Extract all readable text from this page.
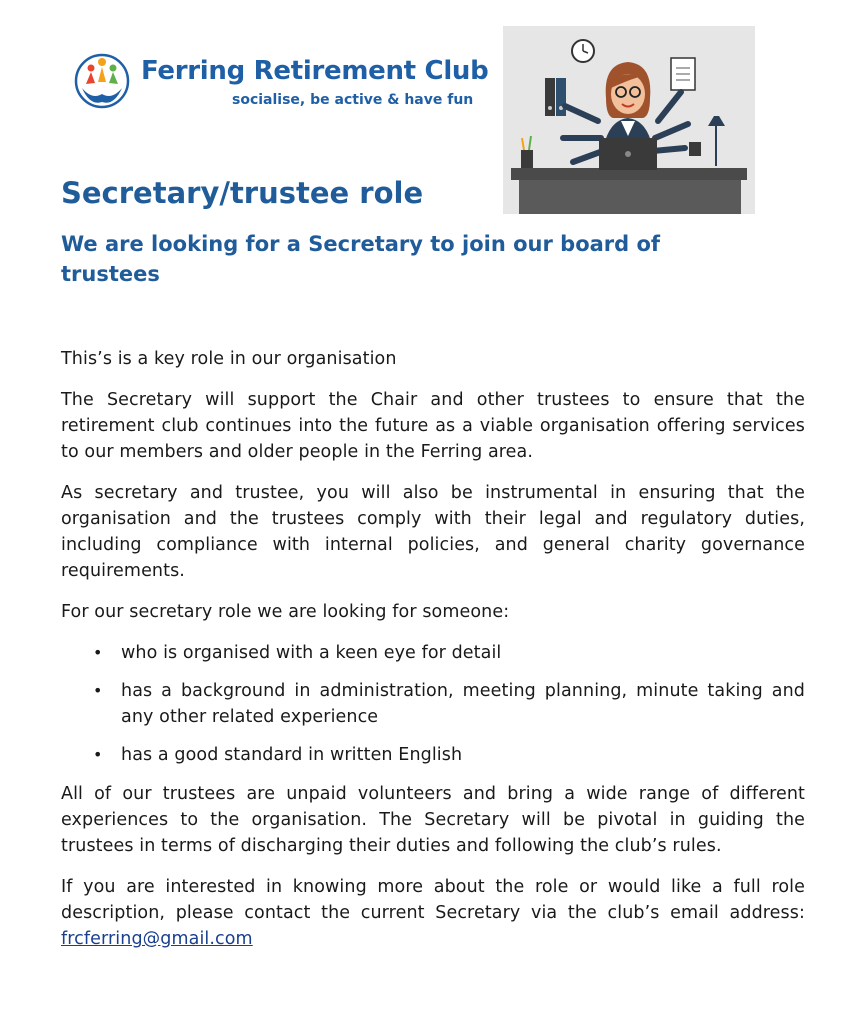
Ferring Retirement Club
socialise, be active & have fun
Secretary/trustee role
We are looking for a Secretary to join our board of trustees

This’s is a key role in our organisation

The Secretary will support the Chair and other trustees to ensure that the retirement club continues into the future as a viable organisation offering services to our members and older people in the Ferring area.

As secretary and trustee, you will also be instrumental in ensuring that the organisation and the trustees comply with their legal and regulatory duties, including compliance with internal policies, and general charity governance requirements.

For our secretary role we are looking for someone:

• who is organised with a keen eye for detail
• has a background in administration, meeting planning, minute taking and any other related experience
• has a good standard in written English

All of our trustees are unpaid volunteers and bring a wide range of different experiences to the organisation. The Secretary will be pivotal in guiding the trustees in terms of discharging their duties and following the club’s rules.

If you are interested in knowing more about the role or would like a full role description, please contact the current Secretary via the club’s email address: frcferring@gmail.com
